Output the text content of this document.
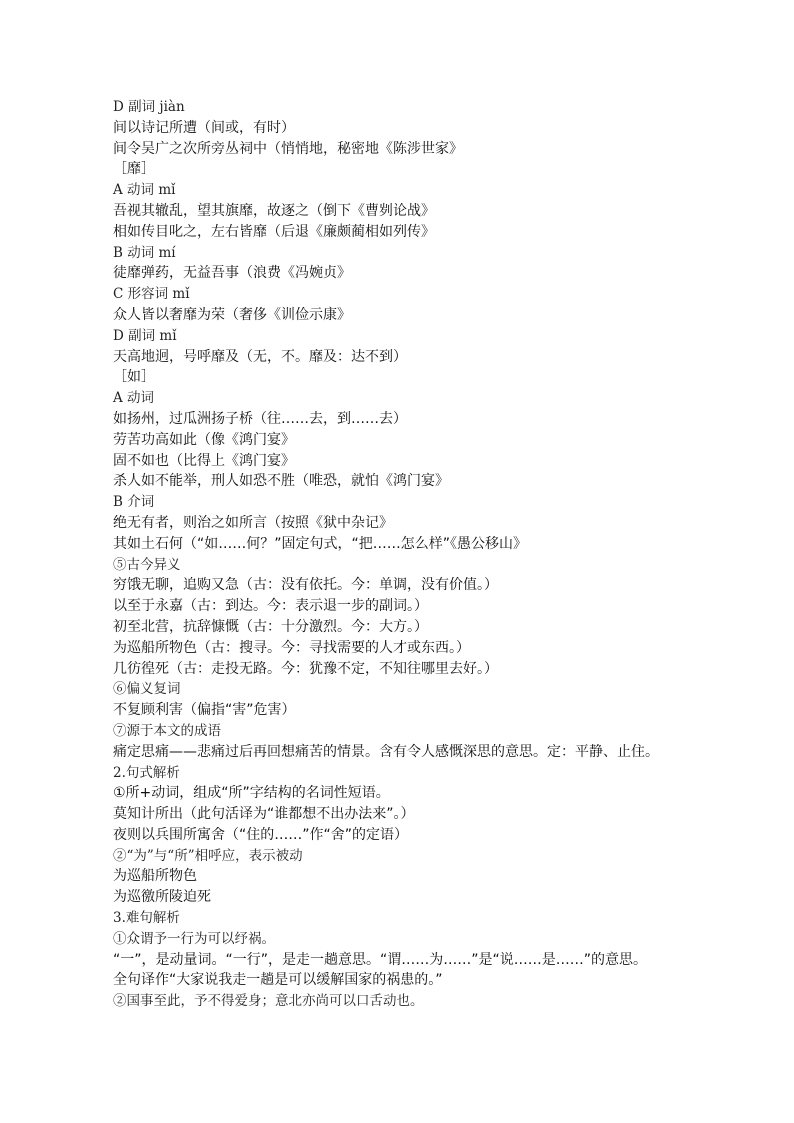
D 副词 jiàn
间以诗记所遭（间或，有时）
间令吴广之次所旁丛祠中（悄悄地，秘密地《陈涉世家》
［靡］
A 动词 mǐ
吾视其辙乱，望其旗靡，故逐之（倒下《曹刿论战》
相如传目叱之，左右皆靡（后退《廉颇蔺相如列传》
B 动词 mí
徒靡弹药，无益吾事（浪费《冯婉贞》
C 形容词 mǐ
众人皆以奢靡为荣（奢侈《训俭示康》
D 副词 mǐ
天高地迥，号呼靡及（无，不。靡及：达不到）
［如］
A 动词
如扬州，过瓜洲扬子桥（往……去，到……去）
劳苦功高如此（像《鸿门宴》
固不如也（比得上《鸿门宴》
杀人如不能举，刑人如恐不胜（唯恐，就怕《鸿门宴》
B 介词
绝无有者，则治之如所言（按照《狱中杂记》
其如土石何（“如……何？”固定句式，“把……怎么样”《愚公移山》
⑤古今异义
穷饿无聊，追购又急（古：没有依托。今：单调，没有价值。）
以至于永嘉（古：到达。今：表示退一步的副词。）
初至北营，抗辞慷慨（古：十分激烈。今：大方。）
为巡船所物色（古：搜寻。今：寻找需要的人才或东西。）
几彷徨死（古：走投无路。今：犹豫不定，不知往哪里去好。）
⑥偏义复词
不复顾利害（偏指“害”危害）
⑦源于本文的成语
痛定思痛——悲痛过后再回想痛苦的情景。含有令人感慨深思的意思。定：平静、止住。
2.句式解析
①所+动词，组成“所”字结构的名词性短语。
莫知计所出（此句活译为“谁都想不出办法来”。）
夜则以兵围所寓舍（“住的……”作“舍”的定语）
②“为”与“所”相呼应，表示被动
为巡船所物色
为巡徼所陵迫死
3.难句解析
①众谓予一行为可以纾祸。
“一”，是动量词。“一行”，是走一趟意思。“谓……为……”是“说……是……”的意思。
全句译作“大家说我走一趟是可以缓解国家的祸患的。”
②国事至此，予不得爱身；意北亦尚可以口舌动也。
